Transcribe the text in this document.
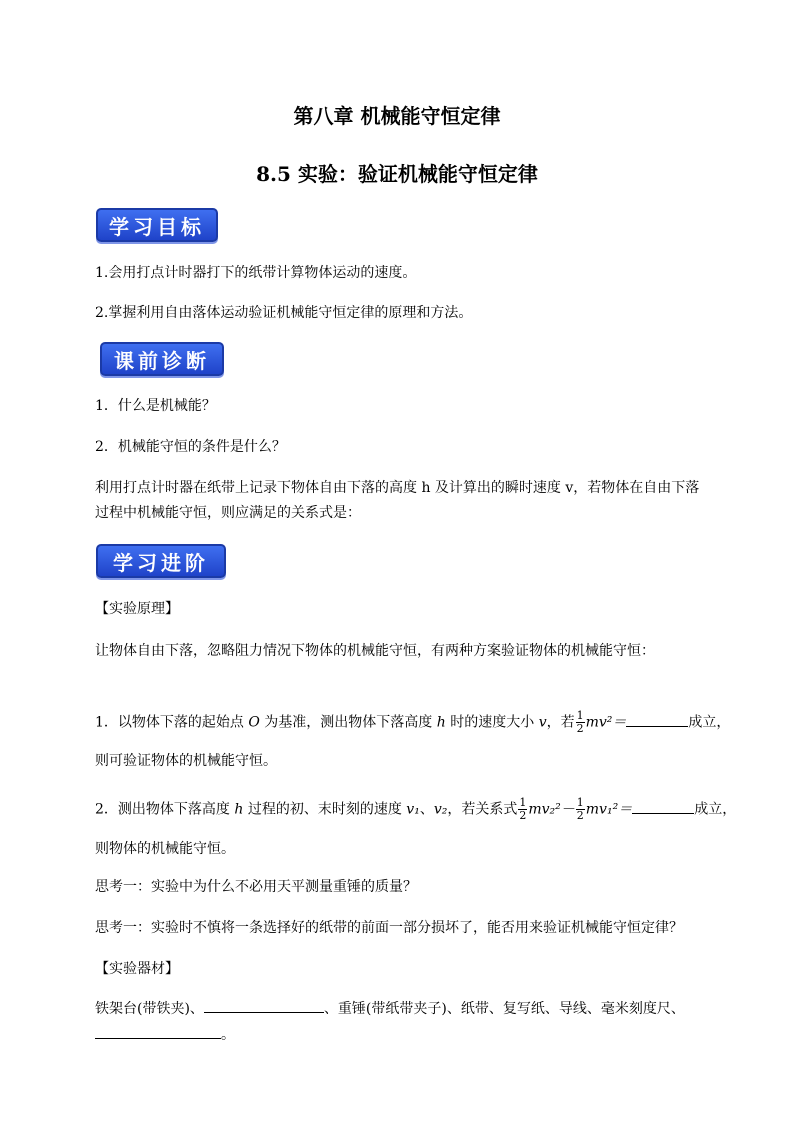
第八章 机械能守恒定律
8.5 实验：验证机械能守恒定律
学习目标
1.会用打点计时器打下的纸带计算物体运动的速度。
2.掌握利用自由落体运动验证机械能守恒定律的原理和方法。
课前诊断
1．什么是机械能？
2．机械能守恒的条件是什么？
利用打点计时器在纸带上记录下物体自由下落的高度 h 及计算出的瞬时速度 v，若物体在自由下落
过程中机械能守恒，则应满足的关系式是：
学习进阶
【实验原理】
让物体自由下落，忽略阻力情况下物体的机械能守恒，有两种方案验证物体的机械能守恒：
1．以物体下落的起始点 O 为基准，测出物体下落高度 h 时的速度大小 v，若 $\frac{1}{2} mv^2=$	成立，
则可验证物体的机械能守恒。
2．测出物体下落高度 h 过程的初、末时刻的速度 v₁、v₂，若关系式 $\frac{1}{2} mv_2^2- \frac{1}{2} mv_1^2=$	成立，
则物体的机械能守恒。
思考一：实验中为什么不必用天平测量重锤的质量？
思考一：实验时不慎将一条选择好的纸带的前面一部分损坏了，能否用来验证机械能守恒定律？
【实验器材】
铁架台(带铁夹)、	、重锤(带纸带夹子)、纸带、复写纸、导线、毫米刻度尺、
。
